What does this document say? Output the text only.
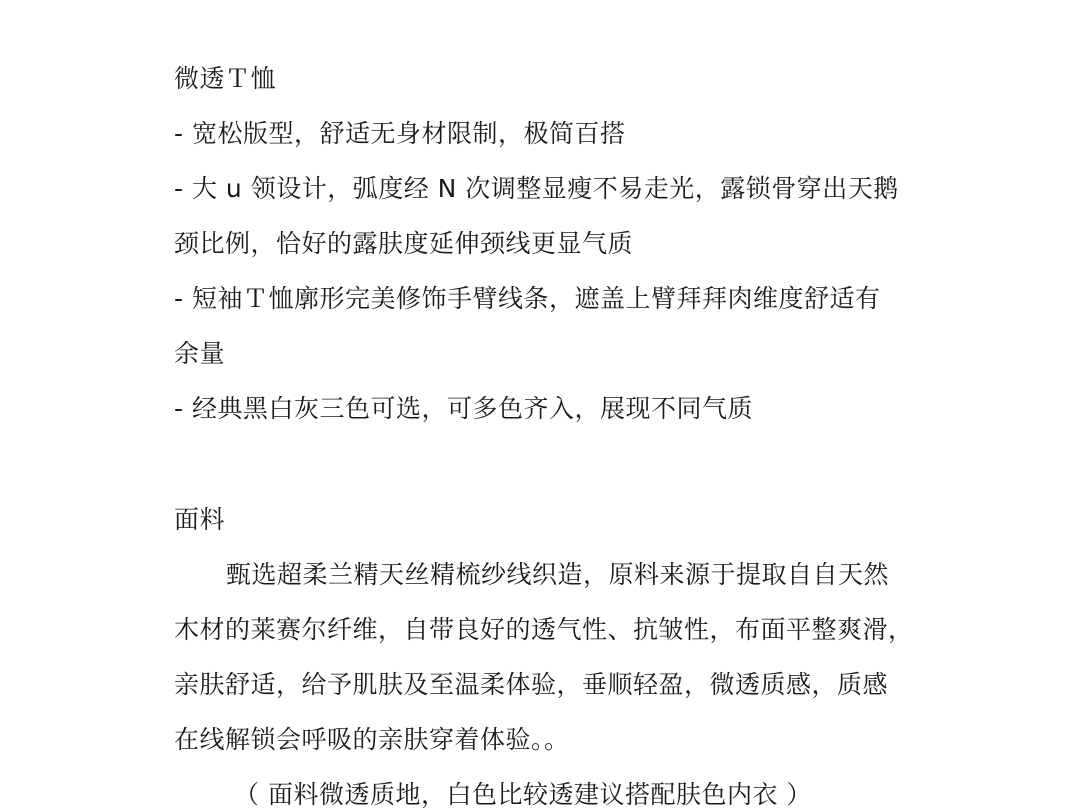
微透Ｔ恤
- 宽松版型，舒适无身材限制，极简百搭
- 大 u 领设计，弧度经 N 次调整显瘦不易走光，露锁骨穿出天鹅
颈比例，恰好的露肤度延伸颈线更显气质
- 短袖Ｔ恤廓形完美修饰手臂线条，遮盖上臂拜拜肉维度舒适有
余量
- 经典黑白灰三色可选，可多色齐入，展现不同气质
面料
甄选超柔兰精天丝精梳纱线织造，原料来源于提取自自天然
木材的莱赛尔纤维，自带良好的透气性、抗皱性，布面平整爽滑，
亲肤舒适，给予肌肤及至温柔体验，垂顺轻盈，微透质感，质感
在线解锁会呼吸的亲肤穿着体验。。
（ 面料微透质地，白色比较透建议搭配肤色内衣 ）
